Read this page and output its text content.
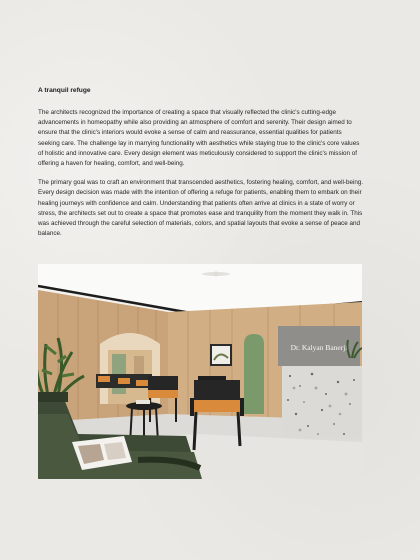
A tranquil refuge

The architects recognized the importance of creating a space that visually reflected the clinic's cutting-edge advancements in homeopathy while also providing an atmosphere of comfort and serenity. Their design aimed to ensure that the clinic's interiors would evoke a sense of calm and reassurance, essential qualities for patients seeking care. The challenge lay in marrying functionality with aesthetics while staying true to the clinic's core values of holistic and innovative care. Every design element was meticulously considered to support the clinic's mission of offering a haven for healing, comfort, and well-being.

The primary goal was to craft an environment that transcended aesthetics, fostering healing, comfort, and well-being. Every design decision was made with the intention of offering a refuge for patients, enabling them to embark on their healing journeys with confidence and calm. Understanding that patients often arrive at clinics in a state of worry or stress, the architects set out to create a space that promotes ease and tranquility from the moment they walk in. This was achieved through the careful selection of materials, colors, and spatial layouts that evoke a sense of peace and balance.

Dr. Kalyan Banerji
